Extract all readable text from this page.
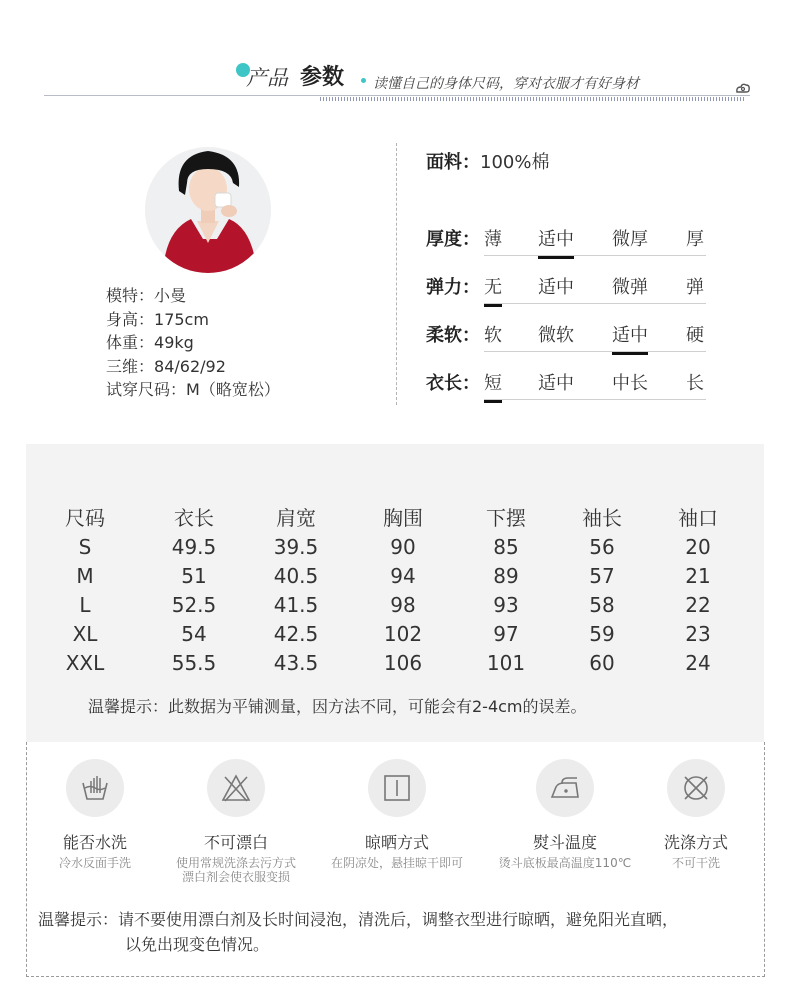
产品 参数 读懂自己的身体尺码，穿对衣服才有好身材
模特：小曼
身高：175cm
体重：49kg
三维：84/62/92
试穿尺码：M（略宽松）
面料：100%棉
厚度： 薄 适中 微厚 厚
弹力： 无 适中 微弹 弹
柔软： 软 微软 适中 硬
衣长： 短 适中 中长 长
尺码
S
M
L
XL
XXL
衣长
49.5
51
52.5
54
55.5
肩宽
39.5
40.5
41.5
42.5
43.5
胸围
90
94
98
102
106
下摆
85
89
93
97
101
袖长
56
57
58
59
60
袖口
20
21
22
23
24
温馨提示：此数据为平铺测量，因方法不同，可能会有2-4cm的误差。
能否水洗
冷水反面手洗
不可漂白
使用常规洗涤去污方式
漂白剂会使衣服变损
晾晒方式
在阴凉处，悬挂晾干即可
熨斗温度
烫斗底板最高温度110℃
洗涤方式
不可干洗
温馨提示：请不要使用漂白剂及长时间浸泡，清洗后，调整衣型进行晾晒，避免阳光直晒，
以免出现变色情况。
